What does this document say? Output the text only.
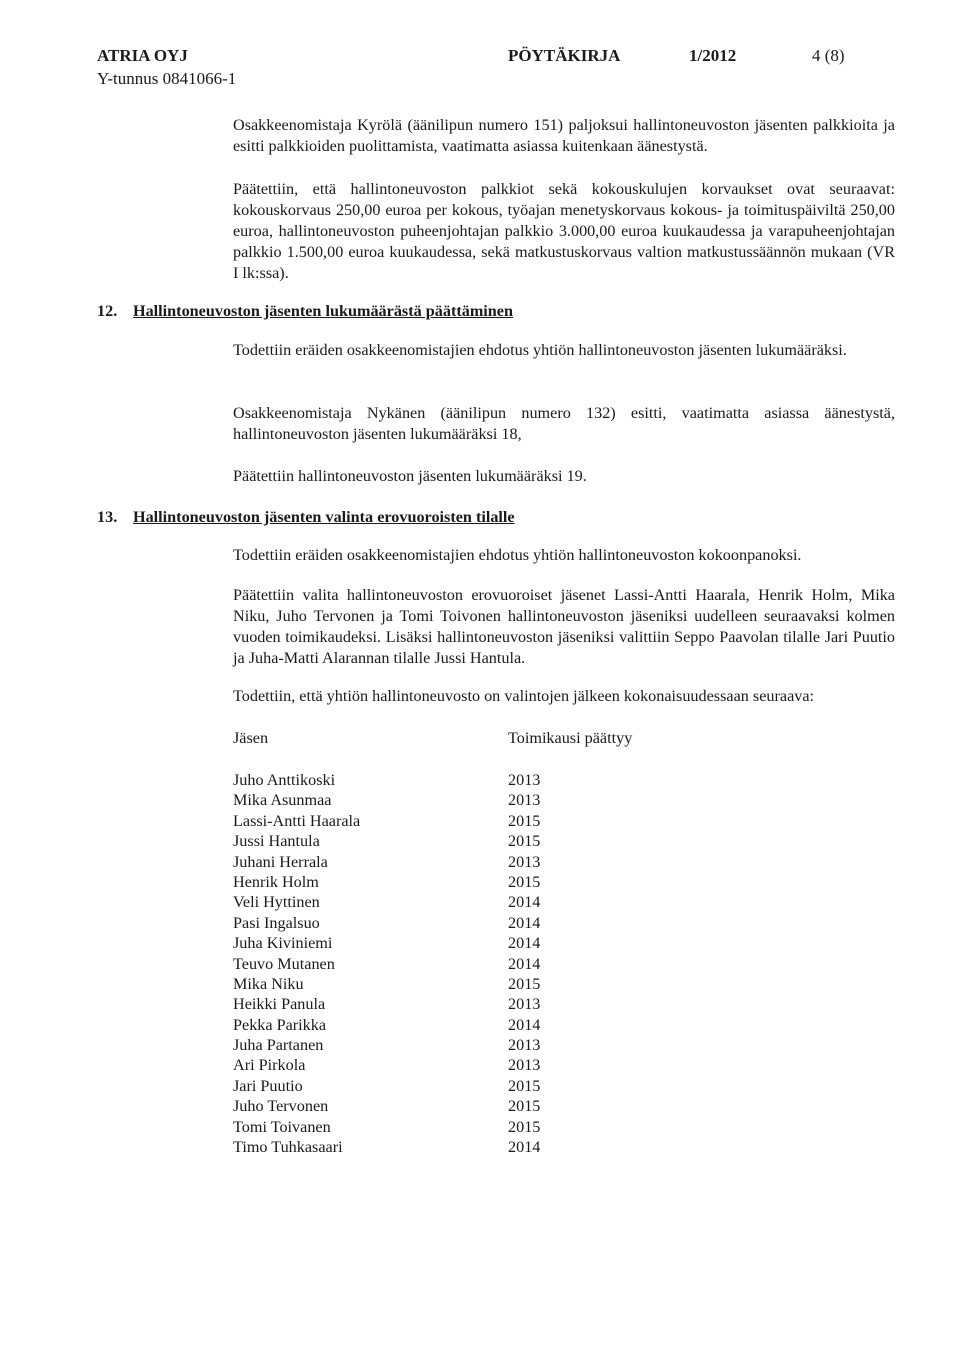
ATRIA OYJ
Y-tunnus 0841066-1
PÖYTÄKIRJA	1/2012	4 (8)
Osakkeenomistaja Kyrölä (äänilipun numero 151) paljoksui hallintoneuvoston jäsenten palkkioita ja esitti palkkioiden puolittamista, vaatimatta asiassa kuitenkaan äänestystä.
Päätettiin, että hallintoneuvoston palkkiot sekä kokouskulujen korvaukset ovat seuraavat: kokouskorvaus 250,00 euroa per kokous, työajan menetyskorvaus kokous- ja toimituspäiviltä 250,00 euroa, hallintoneuvoston puheenjohtajan palkkio 3.000,00 euroa kuukaudessa ja varapuheenjohtajan palkkio 1.500,00 euroa kuukaudessa, sekä matkustuskorvaus valtion matkustussäännön mukaan (VR I lk:ssa).
12. Hallintoneuvoston jäsenten lukumäärästä päättäminen
Todettiin eräiden osakkeenomistajien ehdotus yhtiön hallintoneuvoston jäsenten lukumääräksi.
Osakkeenomistaja Nykänen (äänilipun numero 132) esitti, vaatimatta asiassa äänestystä, hallintoneuvoston jäsenten lukumääräksi 18,
Päätettiin hallintoneuvoston jäsenten lukumääräksi 19.
13. Hallintoneuvoston jäsenten valinta erovuoroisten tilalle
Todettiin eräiden osakkeenomistajien ehdotus yhtiön hallintoneuvoston kokoonpanoksi.
Päätettiin valita hallintoneuvoston erovuoroiset jäsenet Lassi-Antti Haarala, Henrik Holm, Mika Niku, Juho Tervonen ja Tomi Toivonen hallintoneuvoston jäseniksi uudelleen seuraavaksi kolmen vuoden toimikaudeksi. Lisäksi hallintoneuvoston jäseniksi valittiin Seppo Paavolan tilalle Jari Puutio ja Juha-Matti Alarannan tilalle Jussi Hantula.
Todettiin, että yhtiön hallintoneuvosto on valintojen jälkeen kokonaisuudessaan seuraava:
Jäsen	Toimikausi päättyy
Juho Anttikoski	2013
Mika Asunmaa	2013
Lassi-Antti Haarala	2015
Jussi Hantula	2015
Juhani Herrala	2013
Henrik Holm	2015
Veli Hyttinen	2014
Pasi Ingalsuo	2014
Juha Kiviniemi	2014
Teuvo Mutanen	2014
Mika Niku	2015
Heikki Panula	2013
Pekka Parikka	2014
Juha Partanen	2013
Ari Pirkola	2013
Jari Puutio	2015
Juho Tervonen	2015
Tomi Toivanen	2015
Timo Tuhkasaari	2014
